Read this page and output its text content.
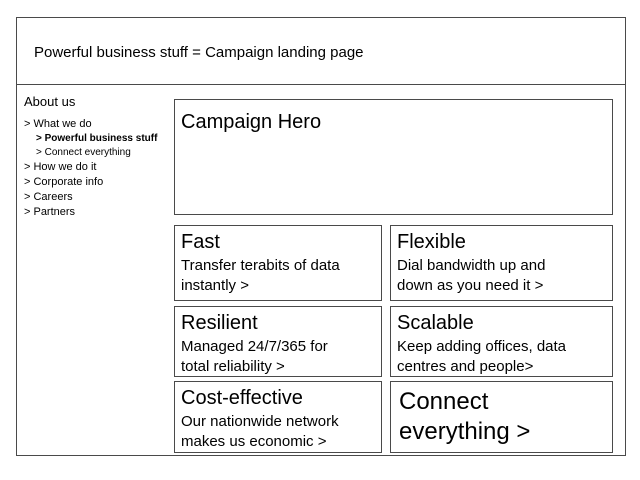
Powerful business stuff = Campaign landing page
About us
> What we do
> Powerful business stuff
> Connect everything
> How we do it
> Corporate info
> Careers
> Partners
Campaign Hero
Fast
Transfer terabits of data
instantly >
Flexible
Dial bandwidth up and
down as you need it >
Resilient
Managed 24/7/365 for
total reliability >
Scalable
Keep adding offices, data
centres and people>
Cost-effective
Our nationwide network
makes us economic >
Connect
everything >
